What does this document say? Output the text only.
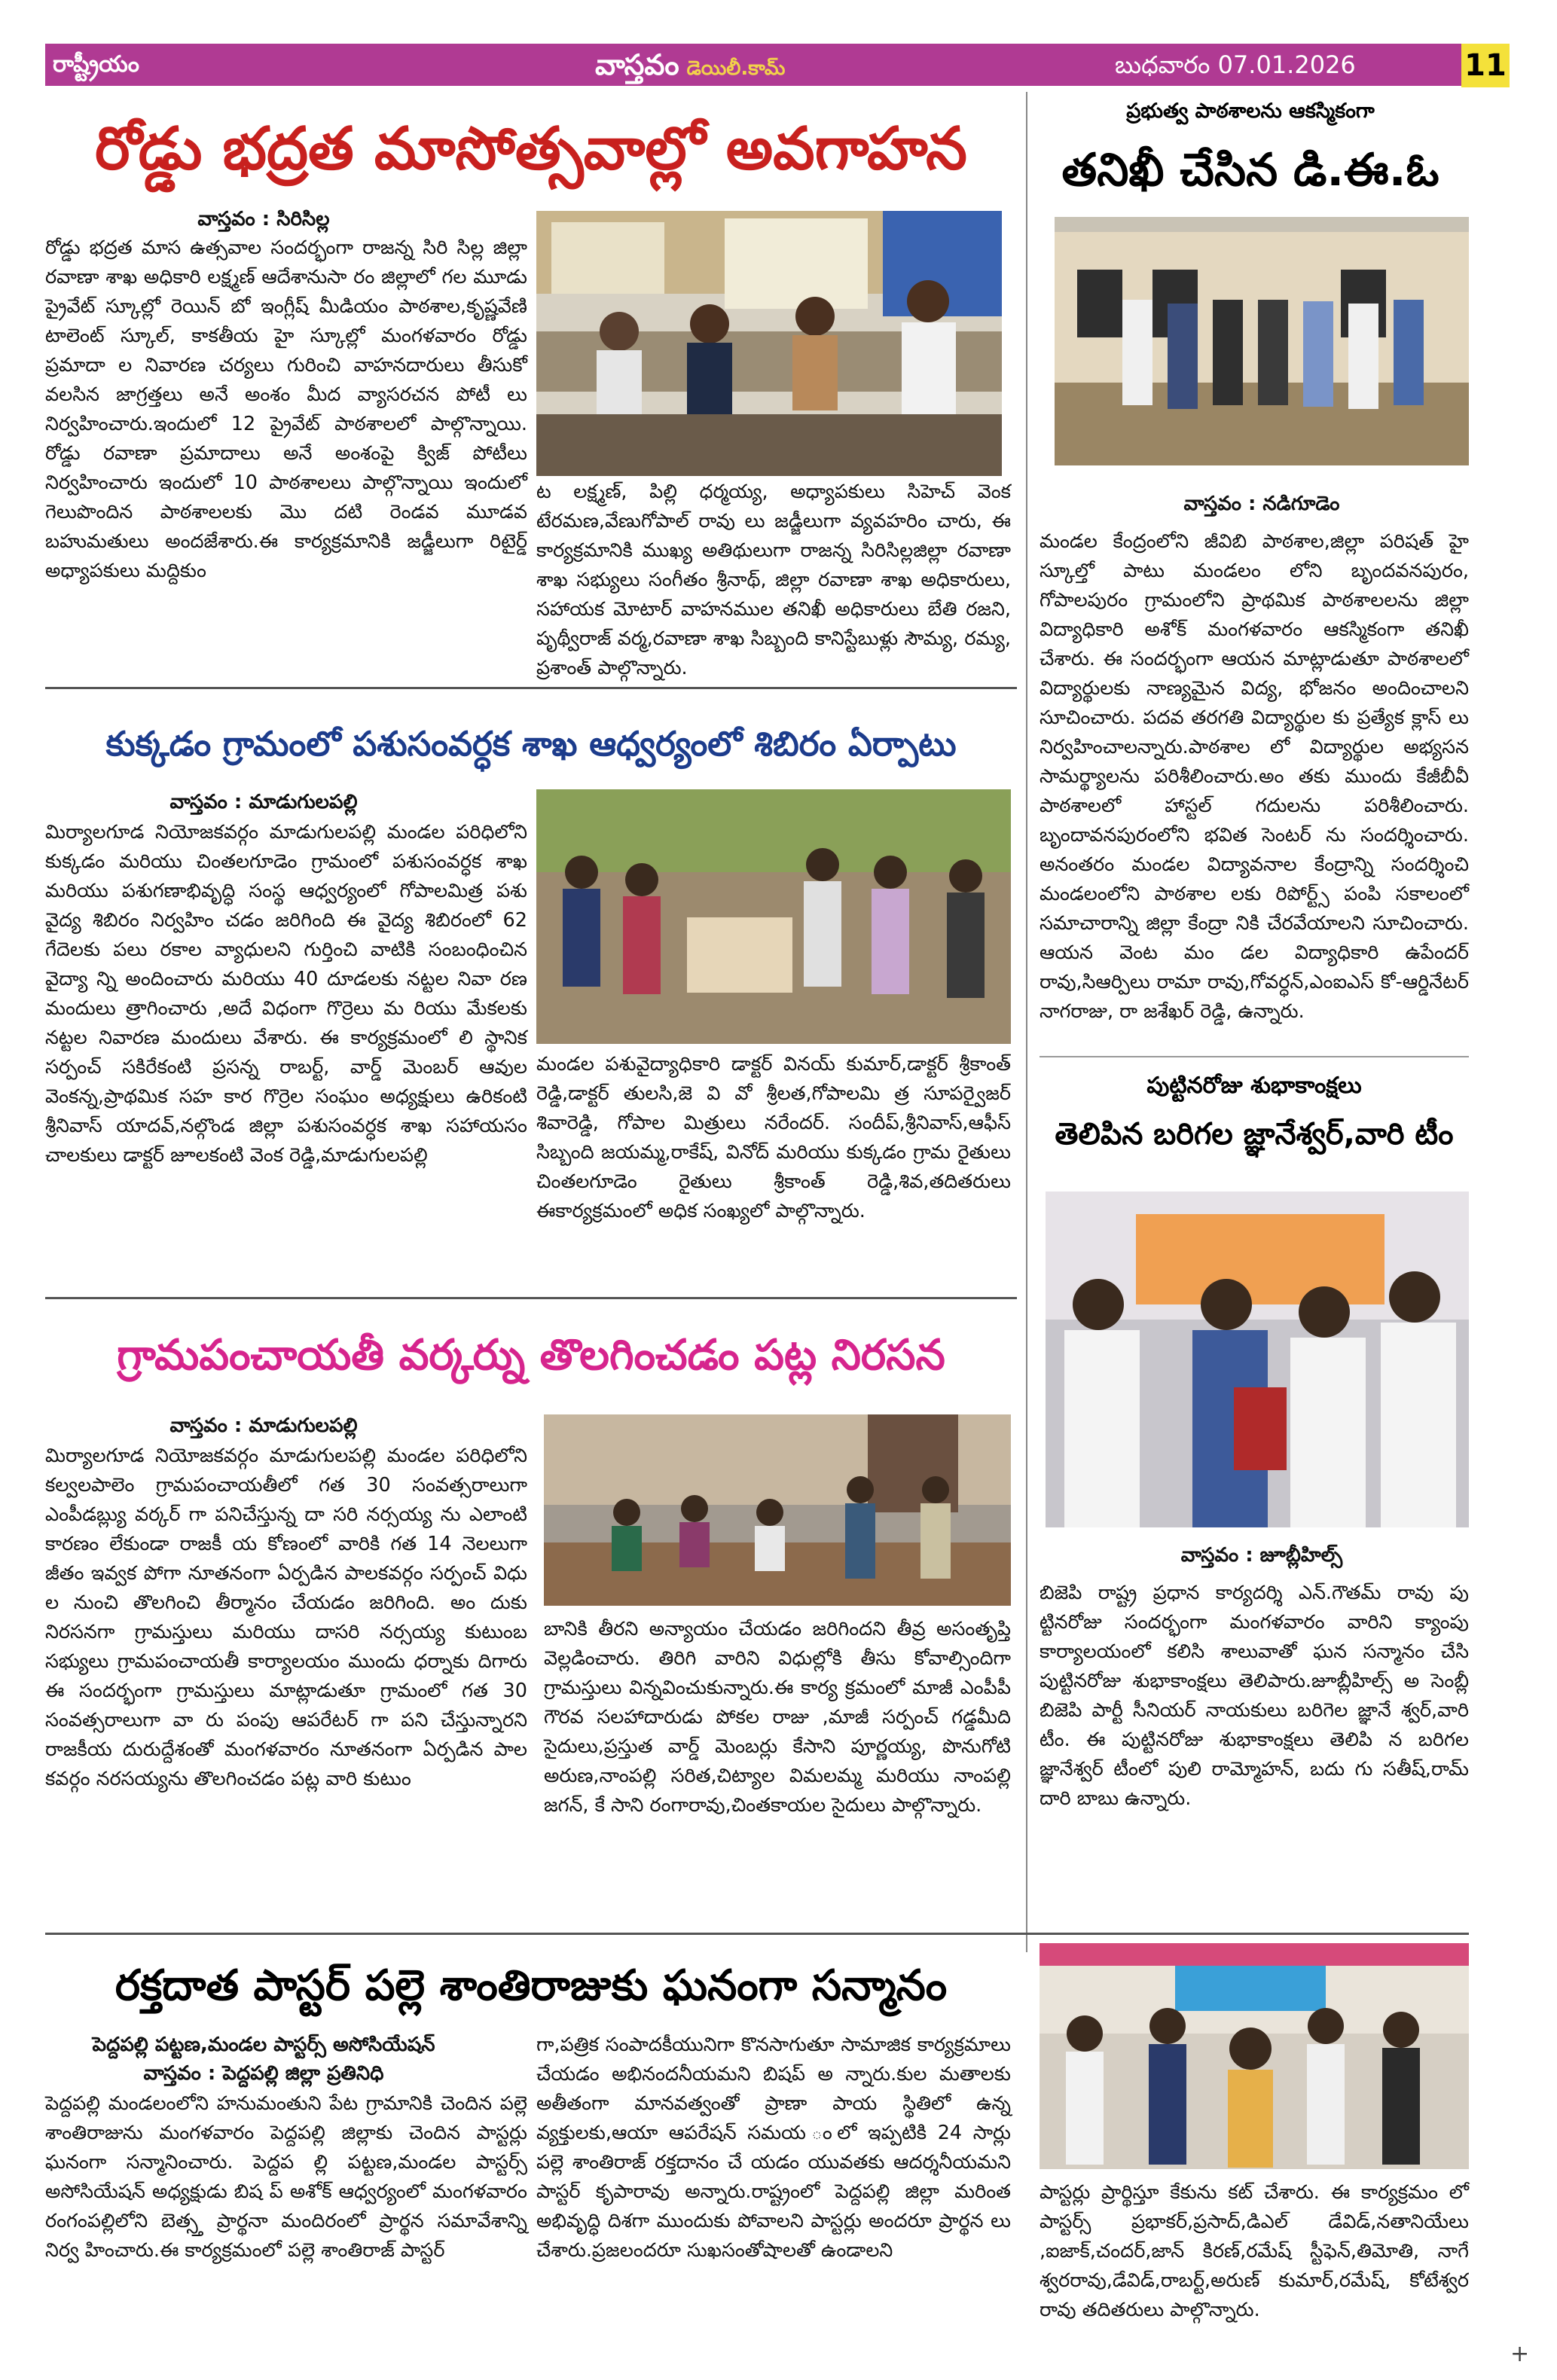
రాష్ట్రీయం	వాస్తవం డెయిలీ.కామ్	బుధవారం 07.01.2026	11
రోడ్డు భద్రత మాసోత్సవాల్లో అవగాహన
వాస్తవం : సిరిసిల్ల
రోడ్డు భద్రత మాస ఉత్సవాల సందర్భంగా రాజన్న సిరి సిల్ల జిల్లా రవాణా శాఖ అధికారి లక్ష్మణ్ ఆదేశానుసా రం జిల్లాలో గల మూడు ప్రైవేట్ స్కూల్లో రెయిన్ బో ఇంగ్లీష్ మీడియం పాఠశాల,కృష్ణవేణి టాలెంట్ స్కూల్, కాకతీయ హై స్కూల్లో మంగళవారం రోడ్డు ప్రమాదా ల నివారణ చర్యలు గురించి వాహనదారులు తీసుకో వలసిన జాగ్రత్తలు అనే అంశం మీద వ్యాసరచన పోటీ లు నిర్వహించారు.ఇందులో 12 ప్రైవేట్ పాఠశాలలో పాల్గొన్నాయి. రోడ్డు రవాణా ప్రమాదాలు అనే అంశంపై క్విజ్ పోటీలు నిర్వహించారు ఇందులో 10 పాఠశాలలు పాల్గొన్నాయి ఇందులో గెలుపొందిన పాఠశాలలకు మొ దటి రెండవ మూడవ బహుమతులు అందజేశారు.ఈ కార్యక్రమానికి జడ్జీలుగా రిటైర్డ్ అధ్యాపకులు మద్దికుం
ట లక్ష్మణ్, పిల్లి ధర్మయ్య, అధ్యాపకులు సిహెచ్ వెంక టేరమణ,వేణుగోపాల్ రావు లు జడ్జీలుగా వ్యవహరిం చారు, ఈ కార్యక్రమానికి ముఖ్య అతిథులుగా రాజన్న సిరిసిల్లజిల్లా రవాణా శాఖ సభ్యులు సంగీతం శ్రీనాథ్, జిల్లా రవాణా శాఖ అధికారులు, సహాయక మోటార్ వాహనముల తనిఖీ అధికారులు బేతి రజని, పృథ్వీరాజ్ వర్మ,రవాణా శాఖ సిబ్బంది కానిస్టేబుళ్లు సౌమ్య, రమ్య, ప్రశాంత్ పాల్గొన్నారు.
ప్రభుత్వ పాఠశాలను ఆకస్మికంగా
తనిఖీ చేసిన డి.ఈ.ఓ
వాస్తవం : నడిగూడెం
మండల కేంద్రంలోని జీవిబి పాఠశాల,జిల్లా పరిషత్ హై స్కూల్తో పాటు మండలం లోని బృందవనపురం, గోపాలపురం గ్రామంలోని ప్రాథమిక పాఠశాలలను జిల్లా విద్యాధికారి అశోక్ మంగళవారం ఆకస్మికంగా తనిఖీ చేశారు. ఈ సందర్భంగా ఆయన మాట్లాడుతూ పాఠశాలలో విద్యార్థులకు నాణ్యమైన విద్య, భోజనం అందించాలని సూచించారు. పదవ తరగతి విద్యార్థుల కు ప్రత్యేక క్లాస్ లు నిర్వహించాలన్నారు.పాఠశాల లో విద్యార్థుల అభ్యసన సామర్థ్యాలను పరిశీలించారు.అం తకు ముందు కేజీబీవీ పాఠశాలలో హాస్టల్ గదులను పరిశీలించారు. బృందావనపురంలోని భవిత సెంటర్ ను సందర్శించారు. అనంతరం మండల విద్యావనాల కేంద్రాన్ని సందర్శించి మండలంలోని పాఠశాల లకు రిపోర్ట్స్ పంపి సకాలంలో సమాచారాన్ని జిల్లా కేంద్రా నికి చేరవేయాలని సూచించారు. ఆయన వెంట మం డల విద్యాధికారి ఉపేందర్ రావు,సిఆర్పిలు రామా రావు,గోవర్ధన్,ఎంఐఎస్ కో-ఆర్డినేటర్ నాగరాజు, రా జశేఖర్ రెడ్డి, ఉన్నారు.
కుక్కడం గ్రామంలో పశుసంవర్ధక శాఖ ఆధ్వర్యంలో శిబిరం ఏర్పాటు
వాస్తవం : మాడుగులపల్లి
మిర్యాలగూడ నియోజకవర్గం మాడుగులపల్లి మండల పరిధిలోని కుక్కడం మరియు చింతలగూడెం గ్రామంలో పశుసంవర్ధక శాఖ మరియు పశుగణాభివృద్ధి సంస్థ ఆధ్వర్యంలో గోపాలమిత్ర పశు వైద్య శిబిరం నిర్వహిం చడం జరిగింది ఈ వైద్య శిబిరంలో 62 గేదెలకు పలు రకాల వ్యాధులని గుర్తించి వాటికి సంబంధించిన వైద్యా న్ని అందించారు మరియు 40 దూడలకు నట్టల నివా రణ మందులు త్రాగించారు ,అదే విధంగా గొర్రెలు మ రియు మేకలకు నట్టల నివారణ మందులు వేశారు. ఈ కార్యక్రమంలో లి స్థానిక సర్పంచ్ సకిరేకంటి ప్రసన్న రాబర్ట్, వార్డ్ మెంబర్ ఆవుల వెంకన్న,ప్రాథమిక సహ కార గొర్రెల సంఘం అధ్యక్షులు ఉరికంటి శ్రీనివాస్ యాదవ్,నల్గొండ జిల్లా పశుసంవర్ధక శాఖ సహాయసం చాలకులు డాక్టర్ జూలకంటి వెంక రెడ్డి,మాడుగులపల్లి
మండల పశువైద్యాధికారి డాక్టర్ వినయ్ కుమార్,డాక్టర్ శ్రీకాంత్ రెడ్డి,డాక్టర్ తులసి,జె వి వో శ్రీలత,గోపాలమి త్ర సూపర్వైజర్ శివారెడ్డి, గోపాల మిత్రులు నరేందర్. సందీప్,శ్రీనివాస్,ఆఫీస్ సిబ్బంది జయమ్మ,రాకేష్, వినోద్ మరియు కుక్కడం గ్రామ రైతులు చింతలగూడెం రైతులు శ్రీకాంత్ రెడ్డి,శివ,తదితరులు ఈకార్యక్రమంలో అధిక సంఖ్యలో పాల్గొన్నారు.
పుట్టినరోజు శుభాకాంక్షలు
తెలిపిన బరిగల జ్ఞానేశ్వర్,వారి టీం
వాస్తవం : జూబ్లీహిల్స్
బిజెపి రాష్ట్ర ప్రధాన కార్యదర్శి ఎన్.గౌతమ్ రావు పు ట్టినరోజు సందర్భంగా మంగళవారం వారిని క్యాంపు కార్యాలయంలో కలిసి శాలువాతో ఘన సన్మానం చేసి పుట్టినరోజు శుభాకాంక్షలు తెలిపారు.జూబ్లీహిల్స్ అ సెంబ్లీ బిజెపి పార్టీ సీనియర్ నాయకులు బరిగెల జ్ఞానే శ్వర్,వారి టీం. ఈ పుట్టినరోజు శుభాకాంక్షలు తెలిపి న బరిగల జ్ఞానేశ్వర్ టీంలో పులి రామ్మోహన్, బదు గు సతీష్,రామ్ దారి బాబు ఉన్నారు.
గ్రామపంచాయతీ వర్కర్ను తొలగించడం పట్ల నిరసన
వాస్తవం : మాడుగులపల్లి
మిర్యాలగూడ నియోజకవర్గం మాడుగులపల్లి మండల పరిధిలోని కల్వలపాలెం గ్రామపంచాయతీలో గత 30 సంవత్సరాలుగా ఎంపీడబ్ల్యు వర్కర్ గా పనిచేస్తున్న దా సరి నర్సయ్య ను ఎలాంటి కారణం లేకుండా రాజకీ య కోణంలో వారికి గత 14 నెలలుగా జీతం ఇవ్వక పోగా నూతనంగా ఏర్పడిన పాలకవర్గం సర్పంచ్ విధు ల నుంచి తొలగించి తీర్మానం చేయడం జరిగింది. అం దుకు నిరసనగా గ్రామస్తులు మరియు దాసరి నర్సయ్య కుటుంబ సభ్యులు గ్రామపంచాయతీ కార్యాలయం ముందు ధర్నాకు దిగారు ఈ సందర్భంగా గ్రామస్తులు మాట్లాడుతూ గ్రామంలో గత 30 సంవత్సరాలుగా వా రు పంపు ఆపరేటర్ గా పని చేస్తున్నారని రాజకీయ దురుద్దేశంతో మంగళవారం నూతనంగా ఏర్పడిన పాల కవర్గం నరసయ్యను తొలగించడం పట్ల వారి కుటుం
బానికి తీరని అన్యాయం చేయడం జరిగిందని తీవ్ర అసంతృప్తి వెల్లడించారు. తిరిగి వారిని విధుల్లోకి తీసు కోవాల్సిందిగా గ్రామస్తులు విన్నవించుకున్నారు.ఈ కార్య క్రమంలో మాజీ ఎంపీపీ గౌరవ సలహాదారుడు పోకల రాజు ,మాజీ సర్పంచ్ గడ్డమీది సైదులు,ప్రస్తుత వార్డ్ మెంబర్లు కేసాని పూర్ణయ్య, పొనుగోటి అరుణ,నాంపల్లి సరిత,చిట్యాల విమలమ్మ మరియు నాంపల్లి జగన్, కే సాని రంగారావు,చింతకాయల సైదులు పాల్గొన్నారు.
రక్తదాత పాస్టర్ పల్లె శాంతిరాజుకు ఘనంగా సన్మానం
పెద్దపల్లి పట్టణ,మండల పాస్టర్స్ అసోసియేషన్
వాస్తవం : పెద్దపల్లి జిల్లా ప్రతినిధి
పెద్దపల్లి మండలంలోని హనుమంతుని పేట గ్రామానికి చెందిన పల్లె శాంతిరాజును మంగళవారం పెద్దపల్లి జిల్లాకు చెందిన పాస్టర్లు ఘనంగా సన్మానించారు. పెద్దప ల్లి పట్టణ,మండల పాస్టర్స్ అసోసియేషన్ అధ్యక్షుడు బిష ప్ అశోక్ ఆధ్వర్యంలో మంగళవారం రంగంపల్లిలోని బెత్స్త ప్రార్థనా మందిరంలో ప్రార్థన సమావేశాన్ని నిర్వ హించారు.ఈ కార్యక్రమంలో పల్లె శాంతిరాజ్ పాస్టర్
గా,పత్రిక సంపాదకీయునిగా కొనసాగుతూ సామాజిక కార్యక్రమాలు చేయడం అభినందనీయమని బిషప్ అ న్నారు.కుల మతాలకు అతీతంగా మానవత్వంతో ప్రాణా పాయ స్థితిలో ఉన్న వ్యక్తులకు,ఆయా ఆపరేషన్ సమయ ంలో ఇప్పటికి 24 సార్లు పల్లె శాంతిరాజ్ రక్తదానం చే యడం యువతకు ఆదర్శనీయమని పాస్టర్ కృపారావు అన్నారు.రాష్ట్రంలో పెద్దపల్లి జిల్లా మరింత అభివృద్ధి దిశగా ముందుకు పోవాలని పాస్టర్లు అందరూ ప్రార్థన లు చేశారు.ప్రజలందరూ సుఖసంతోషాలతో ఉండాలని
పాస్టర్లు ప్రార్థిస్తూ కేకును కట్ చేశారు. ఈ కార్యక్రమం లో పాస్టర్స్ ప్రభాకర్,ప్రసాద్,డిఎల్ డేవిడ్,నతానియేలు ,ఐజాక్,చందర్,జాన్ కిరణ్,రమేష్ స్టీఫెన్,తిమోతి, నాగే శ్వరరావు,డేవిడ్,రాబర్ట్,అరుణ్ కుమార్,రమేష్, కోటేశ్వర రావు తదితరులు పాల్గొన్నారు.
+
